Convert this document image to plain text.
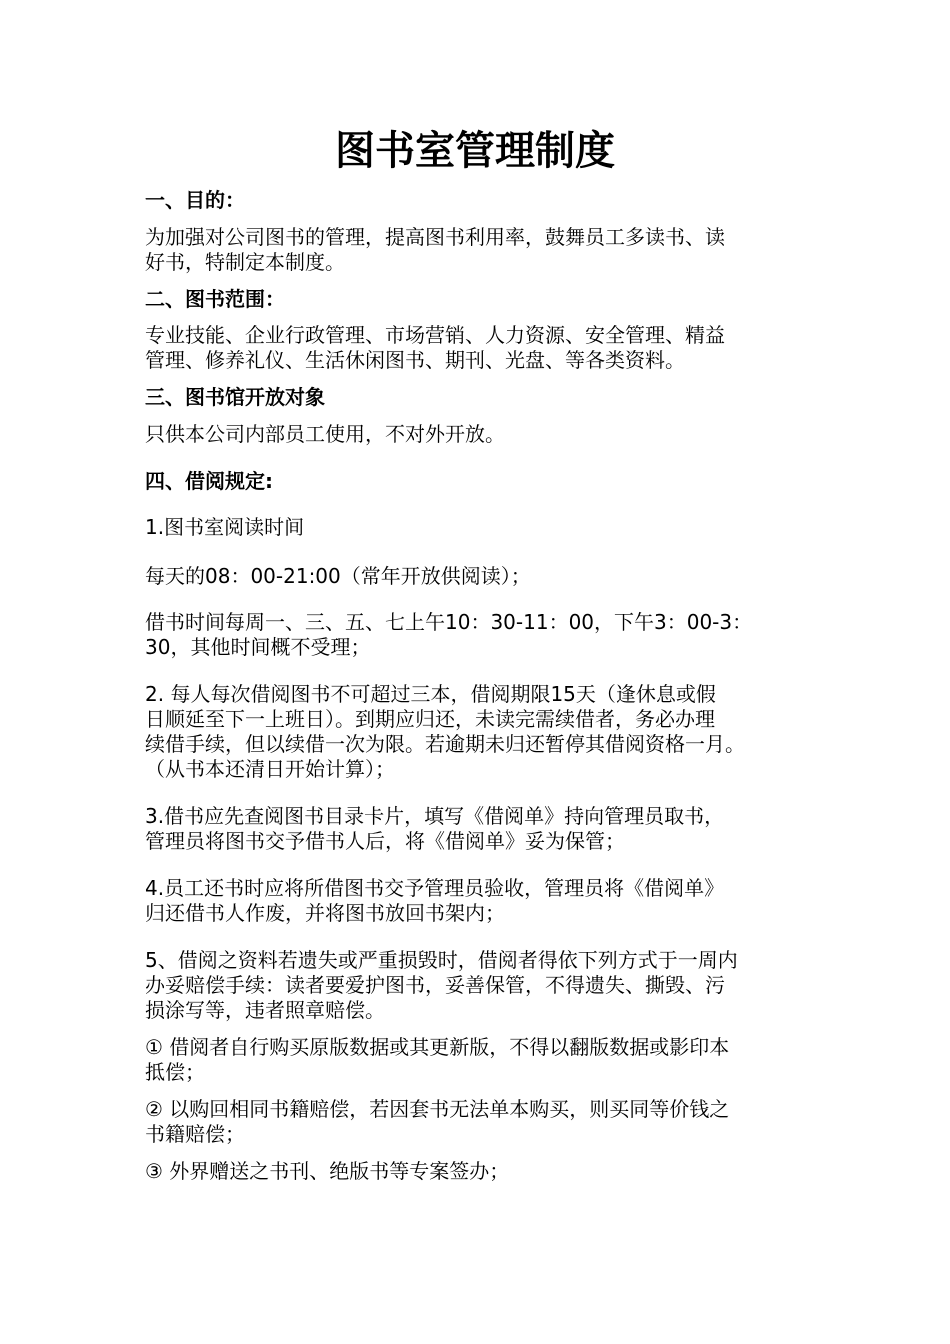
图书室管理制度
一、目的：
为加强对公司图书的管理，提高图书利用率，鼓舞员工多读书、读
好书，特制定本制度。
二、图书范围：
专业技能、企业行政管理、市场营销、人力资源、安全管理、精益
管理、修养礼仪、生活休闲图书、期刊、光盘、等各类资料。
三、图书馆开放对象
只供本公司内部员工使用，不对外开放。
四、借阅规定:
1.图书室阅读时间
每天的08：00-21:00（常年开放供阅读）；
借书时间每周一、三、五、七上午10：30-11：00，下午3：00-3：
30，其他时间概不受理；
2. 每人每次借阅图书不可超过三本，借阅期限15天（逢休息或假
日顺延至下一上班日）。到期应归还，未读完需续借者，务必办理
续借手续，但以续借一次为限。若逾期未归还暂停其借阅资格一月。
（从书本还清日开始计算）；
3.借书应先查阅图书目录卡片，填写《借阅单》持向管理员取书，
管理员将图书交予借书人后，将《借阅单》妥为保管；
4.员工还书时应将所借图书交予管理员验收，管理员将《借阅单》
归还借书人作废，并将图书放回书架内；
5、借阅之资料若遗失或严重损毁时，借阅者得依下列方式于一周内
办妥赔偿手续：读者要爱护图书，妥善保管，不得遗失、撕毁、污
损涂写等，违者照章赔偿。
① 借阅者自行购买原版数据或其更新版，不得以翻版数据或影印本
抵偿；
② 以购回相同书籍赔偿，若因套书无法单本购买，则买同等价钱之
书籍赔偿；
③ 外界赠送之书刊、绝版书等专案签办；
